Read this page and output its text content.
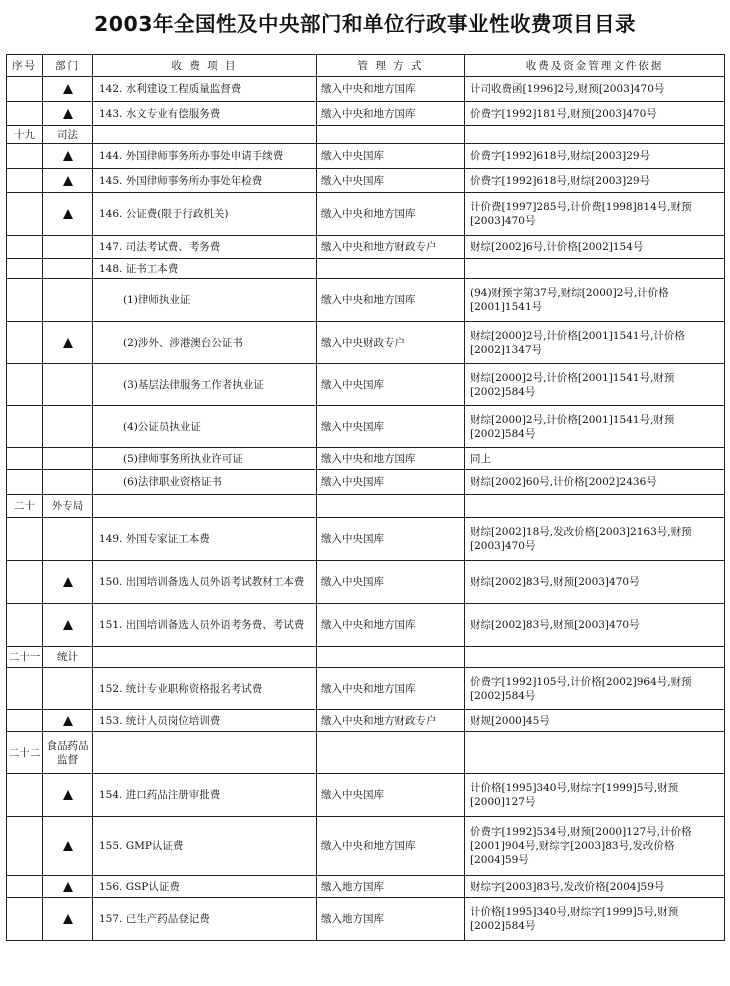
2003年全国性及中央部门和单位行政事业性收费项目目录
序号	部门	收 费 项 目	管 理 方 式	收费及资金管理文件依据
		142. 水利建设工程质量监督费	缴入中央和地方国库	计司收费函[1996]2号,财预[2003]470号
		143. 水文专业有偿服务费	缴入中央和地方国库	价费字[1992]181号,财预[2003]470号
十九	司法			
		144. 外国律师事务所办事处申请手续费	缴入中央国库	价费字[1992]618号,财综[2003]29号
		145. 外国律师事务所办事处年检费	缴入中央国库	价费字[1992]618号,财综[2003]29号
		146. 公证费(限于行政机关)	缴入中央和地方国库	计价费[1997]285号,计价费[1998]814号,财预[2003]470号
		147. 司法考试费、考务费	缴入中央和地方财政专户	财综[2002]6号,计价格[2002]154号
		148. 证书工本费		
		(1)律师执业证	缴入中央和地方国库	(94)财预字第37号,财综[2000]2号,计价格[2001]1541号
		(2)涉外、涉港澳台公证书	缴入中央财政专户	财综[2000]2号,计价格[2001]1541号,计价格[2002]1347号
		(3)基层法律服务工作者执业证	缴入中央国库	财综[2000]2号,计价格[2001]1541号,财预[2002]584号
		(4)公证员执业证	缴入中央国库	财综[2000]2号,计价格[2001]1541号,财预[2002]584号
		(5)律师事务所执业许可证	缴入中央和地方国库	同上
		(6)法律职业资格证书	缴入中央国库	财综[2002]60号,计价格[2002]2436号
二十	外专局			
		149. 外国专家证工本费	缴入中央国库	财综[2002]18号,发改价格[2003]2163号,财预[2003]470号
		150. 出国培训备选人员外语考试教材工本费	缴入中央国库	财综[2002]83号,财预[2003]470号
		151. 出国培训备选人员外语考务费、考试费	缴入中央和地方国库	财综[2002]83号,财预[2003]470号
二十一	统计			
		152. 统计专业职称资格报名考试费	缴入中央和地方国库	价费字[1992]105号,计价格[2002]964号,财预[2002]584号
		153. 统计人员岗位培训费	缴入中央和地方财政专户	财规[2000]45号
二十二	食品药品监督			
		154. 进口药品注册审批费	缴入中央国库	计价格[1995]340号,财综字[1999]5号,财预[2000]127号
		155. GMP认证费	缴入中央和地方国库	价费字[1992]534号,财预[2000]127号,计价格[2001]904号,财综字[2003]83号,发改价格[2004]59号
		156. GSP认证费	缴入地方国库	财综字[2003]83号,发改价格[2004]59号
		157. 已生产药品登记费	缴入地方国库	计价格[1995]340号,财综字[1999]5号,财预[2002]584号
